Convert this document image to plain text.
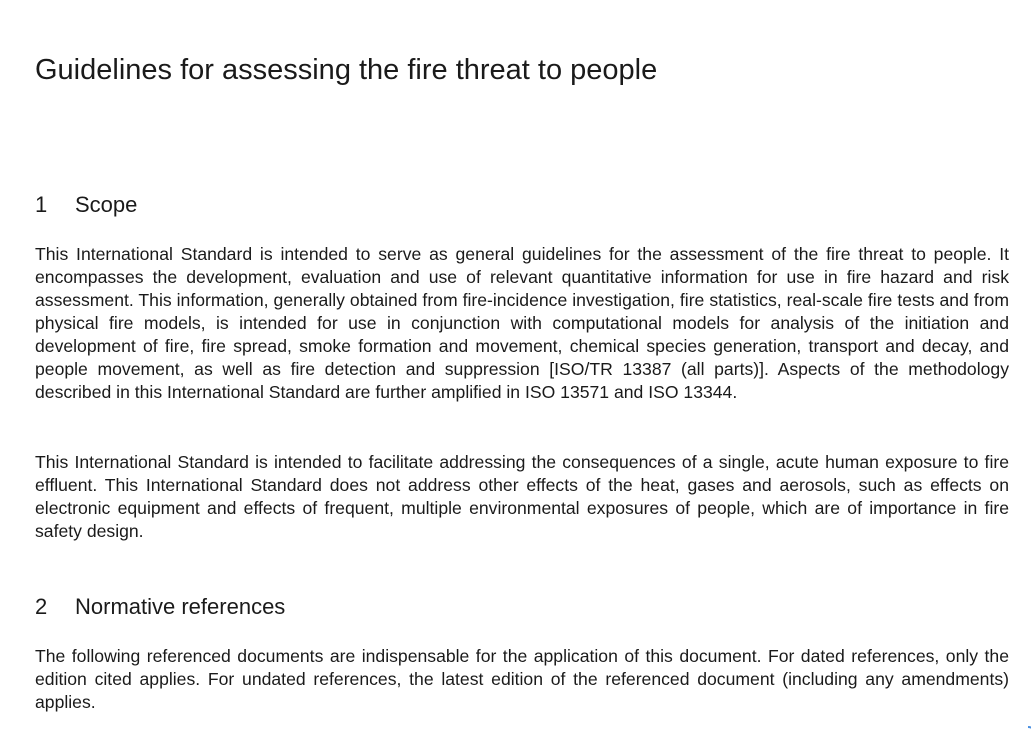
Guidelines for assessing the fire threat to people
1 Scope

This International Standard is intended to serve as general guidelines for the assessment of the fire threat to people. It encompasses the development, evaluation and use of relevant quantitative information for use in fire hazard and risk assessment. This information, generally obtained from fire-incidence investigation, fire statistics, real-scale fire tests and from physical fire models, is intended for use in conjunction with computational models for analysis of the initiation and development of fire, fire spread, smoke formation and movement, chemical species generation, transport and decay, and people movement, as well as fire detection and suppression [ISO/TR 13387 (all parts)]. Aspects of the methodology described in this International Standard are further amplified in ISO 13571 and ISO 13344.

This International Standard is intended to facilitate addressing the consequences of a single, acute human exposure to fire effluent. This International Standard does not address other effects of the heat, gases and aerosols, such as effects on electronic equipment and effects of frequent, multiple environmental exposures of people, which are of importance in fire safety design.

2 Normative references

The following referenced documents are indispensable for the application of this document. For dated references, only the edition cited applies. For undated references, the latest edition of the referenced document (including any amendments) applies.
